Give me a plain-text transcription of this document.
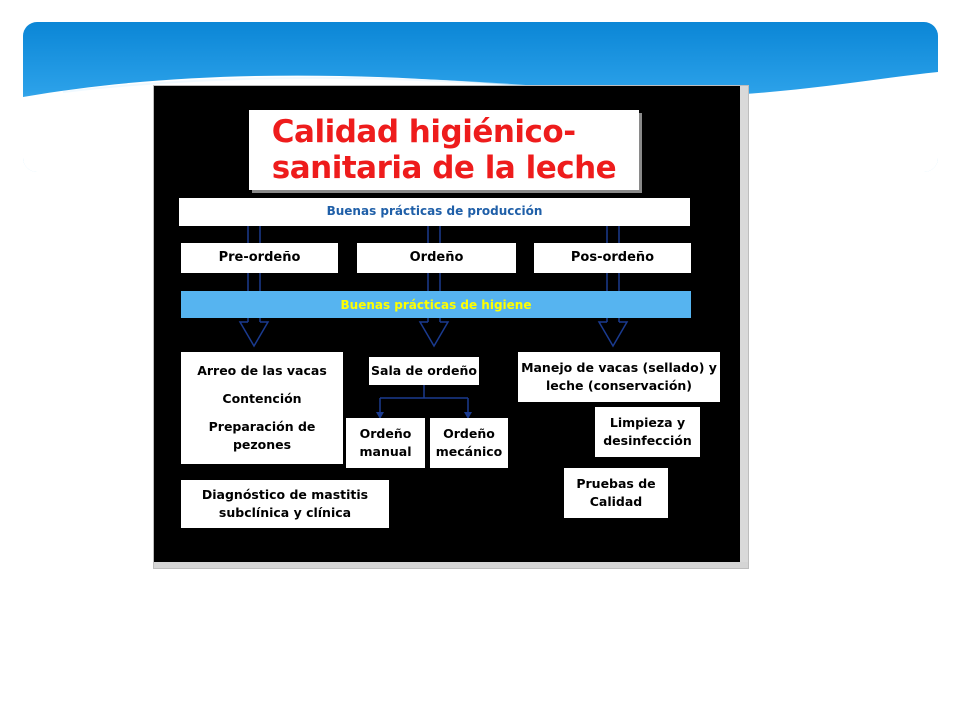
Calidad higiénico-
sanitaria de la leche
Buenas prácticas de producción
Pre-ordeño	Ordeño	Pos-ordeño
Buenas prácticas de higiene
Arreo de las vacas
Contención
Preparación de pezones
Diagnóstico de mastitis
subclínica y clínica
Sala de ordeño
Ordeño
manual
Ordeño
mecánico
Manejo de vacas (sellado) y
leche (conservación)
Limpieza y
desinfección
Pruebas de
Calidad
